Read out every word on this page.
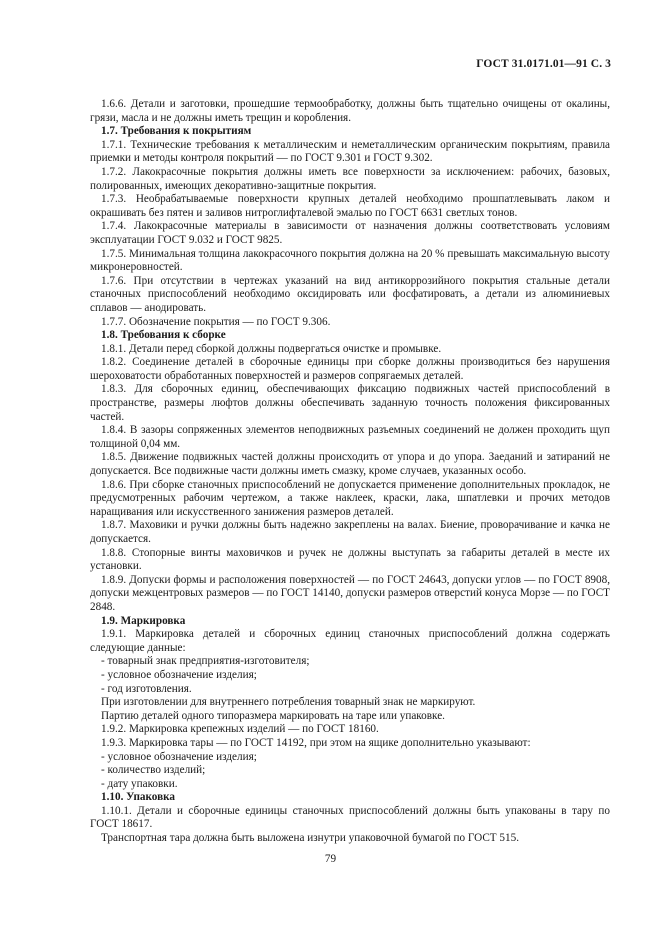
ГОСТ 31.0171.01—91 С. 3
1.6.6. Детали и заготовки, прошедшие термообработку, должны быть тщательно очищены от окалины, грязи, масла и не должны иметь трещин и коробления.
1.7. Требования к покрытиям
1.7.1. Технические требования к металлическим и неметаллическим органическим покрытиям, правила приемки и методы контроля покрытий — по ГОСТ 9.301 и ГОСТ 9.302.
1.7.2. Лакокрасочные покрытия должны иметь все поверхности за исключением: рабочих, базовых, полированных, имеющих декоративно-защитные покрытия.
1.7.3. Необрабатываемые поверхности крупных деталей необходимо прошпатлевывать лаком и окрашивать без пятен и заливов нитроглифталевой эмалью по ГОСТ 6631 светлых тонов.
1.7.4. Лакокрасочные материалы в зависимости от назначения должны соответствовать условиям эксплуатации ГОСТ 9.032 и ГОСТ 9825.
1.7.5. Минимальная толщина лакокрасочного покрытия должна на 20 % превышать максимальную высоту микронеровностей.
1.7.6. При отсутствии в чертежах указаний на вид антикоррозийного покрытия стальные детали станочных приспособлений необходимо оксидировать или фосфатировать, а детали из алюминиевых сплавов — анодировать.
1.7.7. Обозначение покрытия — по ГОСТ 9.306.
1.8. Требования к сборке
1.8.1. Детали перед сборкой должны подвергаться очистке и промывке.
1.8.2. Соединение деталей в сборочные единицы при сборке должны производиться без нарушения шероховатости обработанных поверхностей и размеров сопрягаемых деталей.
1.8.3. Для сборочных единиц, обеспечивающих фиксацию подвижных частей приспособлений в пространстве, размеры люфтов должны обеспечивать заданную точность положения фиксированных частей.
1.8.4. В зазоры сопряженных элементов неподвижных разъемных соединений не должен проходить щуп толщиной 0,04 мм.
1.8.5. Движение подвижных частей должны происходить от упора и до упора. Заеданий и затираний не допускается. Все подвижные части должны иметь смазку, кроме случаев, указанных особо.
1.8.6. При сборке станочных приспособлений не допускается применение дополнительных прокладок, не предусмотренных рабочим чертежом, а также наклеек, краски, лака, шпатлевки и прочих методов наращивания или искусственного занижения размеров деталей.
1.8.7. Маховики и ручки должны быть надежно закреплены на валах. Биение, проворачивание и качка не допускается.
1.8.8. Стопорные винты маховичков и ручек не должны выступать за габариты деталей в месте их установки.
1.8.9. Допуски формы и расположения поверхностей — по ГОСТ 24643, допуски углов — по ГОСТ 8908, допуски межцентровых размеров — по ГОСТ 14140, допуски размеров отверстий конуса Морзе — по ГОСТ 2848.
1.9. Маркировка
1.9.1. Маркировка деталей и сборочных единиц станочных приспособлений должна содержать следующие данные:
- товарный знак предприятия-изготовителя;
- условное обозначение изделия;
- год изготовления.
При изготовлении для внутреннего потребления товарный знак не маркируют.
Партию деталей одного типоразмера маркировать на таре или упаковке.
1.9.2. Маркировка крепежных изделий — по ГОСТ 18160.
1.9.3. Маркировка тары — по ГОСТ 14192, при этом на ящике дополнительно указывают:
- условное обозначение изделия;
- количество изделий;
- дату упаковки.
1.10. Упаковка
1.10.1. Детали и сборочные единицы станочных приспособлений должны быть упакованы в тару по ГОСТ 18617.
Транспортная тара должна быть выложена изнутри упаковочной бумагой по ГОСТ 515.
79
